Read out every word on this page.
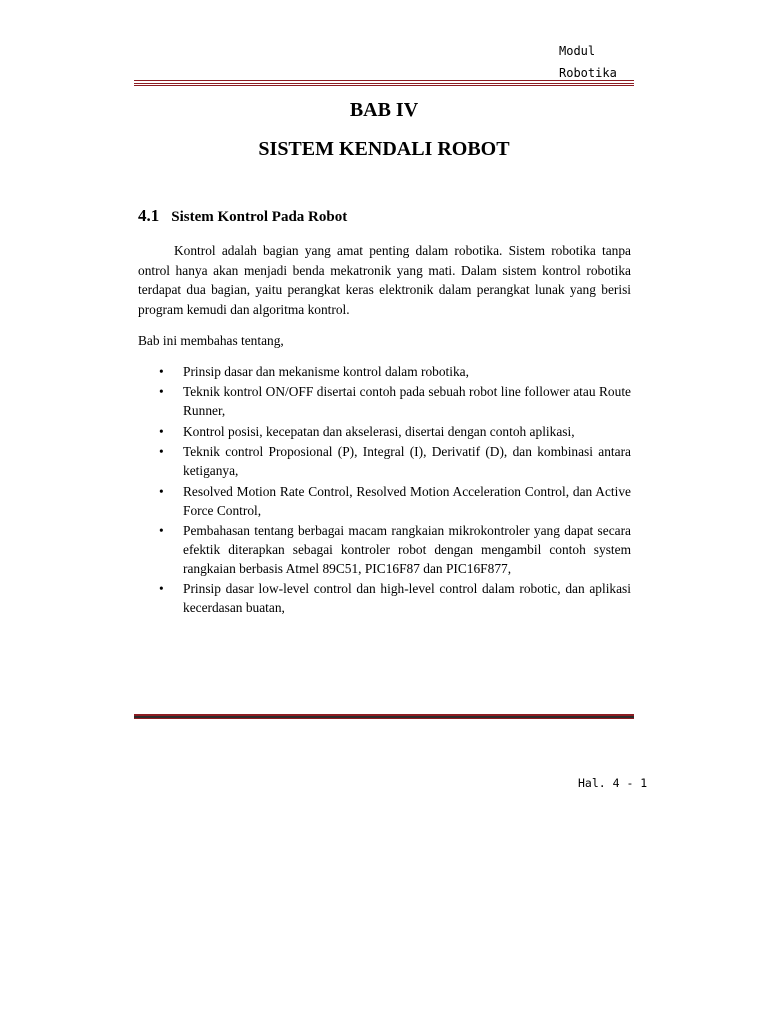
Modul
Robotika
BAB IV
SISTEM KENDALI ROBOT
4.1 Sistem Kontrol Pada Robot
Kontrol adalah bagian yang amat penting dalam robotika. Sistem robotika tanpa ontrol hanya akan menjadi benda mekatronik yang mati. Dalam sistem kontrol robotika terdapat dua bagian, yaitu perangkat keras elektronik dalam perangkat lunak yang berisi program kemudi dan algoritma kontrol.
Bab ini membahas tentang,
• Prinsip dasar dan mekanisme kontrol dalam robotika,
• Teknik kontrol ON/OFF disertai contoh pada sebuah robot line follower atau Route Runner,
• Kontrol posisi, kecepatan dan akselerasi, disertai dengan contoh aplikasi,
• Teknik control Proposional (P), Integral (I), Derivatif (D), dan kombinasi antara ketiganya,
• Resolved Motion Rate Control, Resolved Motion Acceleration Control, dan Active Force Control,
• Pembahasan tentang berbagai macam rangkaian mikrokontroler yang dapat secara efektik diterapkan sebagai kontroler robot dengan mengambil contoh system rangkaian berbasis Atmel 89C51, PIC16F87 dan PIC16F877,
• Prinsip dasar low-level control dan high-level control dalam robotic, dan aplikasi kecerdasan buatan,
Hal. 4 - 1
